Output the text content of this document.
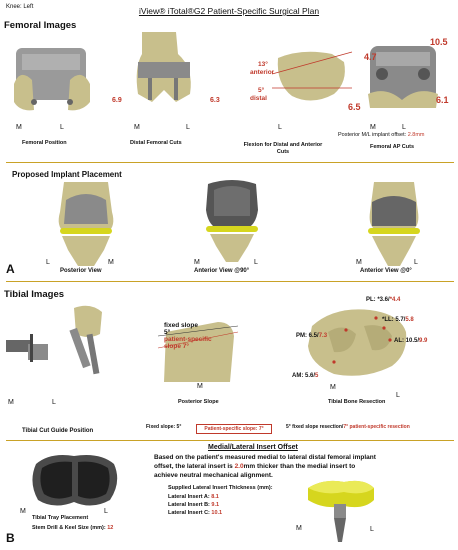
Knee: Left	iView® iTotal®G2 Patient-Specific Surgical Plan
Femoral Images
M	L
Femoral Position
6.9	6.3
M	L
Distal Femoral Cuts
13°
anterior
5°
distal
L
Flexion for Distal and Anterior Cuts
4.7
10.5
6.5
6.1
M	L
Posterior M/L implant offset: 2.8mm
Femoral AP Cuts
Proposed Implant Placement
L	M
Posterior View
M	L
Anterior View @90°
M	L
Anterior View @0°
A
Tibial Images
M	L
Tibial Cut Guide Position
fixed slope
5°
patient-specific
slope 7°
M
Posterior Slope
PL: *3.6/*4.4
*LL: 5.7/5.8
AL: 10.5/9.9
PM: 6.5/7.3
AM: 5.6/5
M
L
Tibial Bone Resection
Fixed slope: 5°	Patient-specific slope: 7°	5° fixed slope resection/7° patient-specific resection
Medial/Lateral Insert Offset
Based on the patient's measured medial to lateral distal femoral implant
offset, the lateral insert is 2.0mm thicker than the medial insert to
achieve neutral mechanical alignment.
Supplied Lateral Insert Thickness (mm):
Lateral Insert A: 8.1
Lateral Insert B: 9.1
Lateral Insert C: 10.1
M	L
Tibial Tray Placement
Stem Drill & Keel Size (mm): 12
B
M	L
